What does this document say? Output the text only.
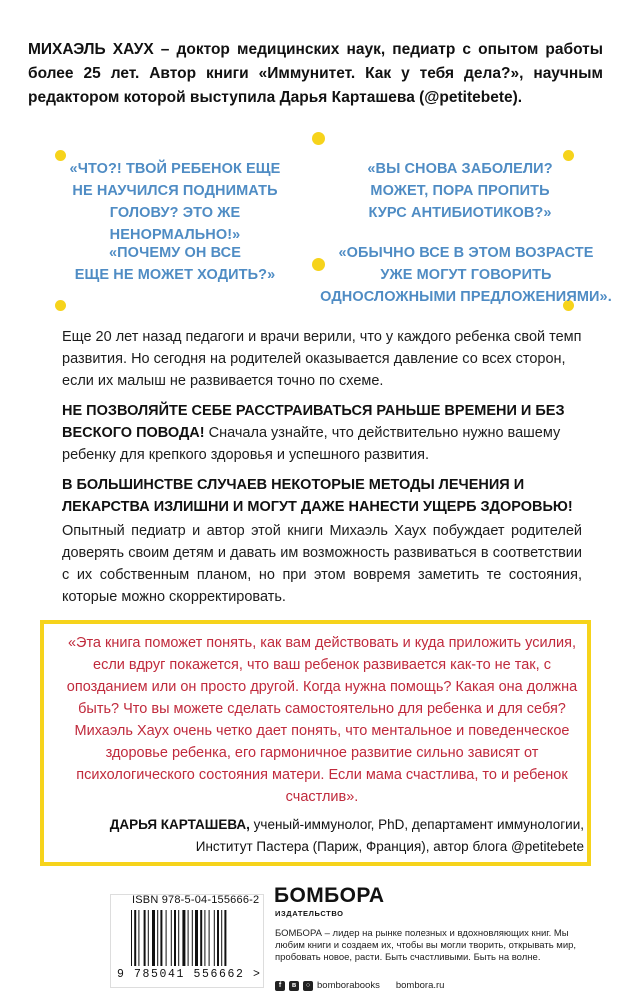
МИХАЭЛЬ ХАУХ – доктор медицинских наук, педиатр с опытом работы более 25 лет. Автор книги «Иммунитет. Как у тебя дела?», научным редактором которой выступила Дарья Карташева (@petitebete).
«ЧТО?! ТВОЙ РЕБЕНОК ЕЩЕ
НЕ НАУЧИЛСЯ ПОДНИМАТЬ
ГОЛОВУ? ЭТО ЖЕ НЕНОРМАЛЬНО!»
«ВЫ СНОВА ЗАБОЛЕЛИ?
МОЖЕТ, ПОРА ПРОПИТЬ
КУРС АНТИБИОТИКОВ?»
«ПОЧЕМУ ОН ВСЕ
ЕЩЕ НЕ МОЖЕТ ХОДИТЬ?»
«ОБЫЧНО ВСЕ В ЭТОМ ВОЗРАСТЕ
УЖЕ МОГУТ ГОВОРИТЬ
ОДНОСЛОЖНЫМИ ПРЕДЛОЖЕНИЯМИ».
Еще 20 лет назад педагоги и врачи верили, что у каждого ребенка свой темп развития. Но сегодня на родителей оказывается давление со всех сторон, если их малыш не развивается точно по схеме.
НЕ ПОЗВОЛЯЙТЕ СЕБЕ РАССТРАИВАТЬСЯ РАНЬШЕ ВРЕМЕНИ И БЕЗ ВЕСКОГО ПОВОДА! Сначала узнайте, что действительно нужно вашему ребенку для крепкого здоровья и успешного развития.
В БОЛЬШИНСТВЕ СЛУЧАЕВ НЕКОТОРЫЕ МЕТОДЫ ЛЕЧЕНИЯ И ЛЕКАРСТВА ИЗЛИШНИ И МОГУТ ДАЖЕ НАНЕСТИ УЩЕРБ ЗДОРОВЬЮ!
Опытный педиатр и автор этой книги Михаэль Хаух побуждает родителей доверять своим детям и давать им возможность развиваться в соответствии с их собственным планом, но при этом вовремя заметить те состояния, которые можно скорректировать.
«Эта книга поможет понять, как вам действовать и куда приложить усилия, если вдруг покажется, что ваш ребенок развивается как-то не так, с опозданием или он просто другой. Когда нужна помощь? Какая она должна быть? Что вы можете сделать самостоятельно для ребенка и для себя? Михаэль Хаух очень четко дает понять, что ментальное и поведенческое здоровье ребенка, его гармоничное развитие сильно зависят от психологического состояния матери. Если мама счастлива, то и ребенок счастлив».
ДАРЬЯ КАРТАШЕВА, ученый-иммунолог, PhD, департамент иммунологии,
Институт Пастера (Париж, Франция), автор блога @petitebete
ISBN 978-5-04-155666-2
9 785041 556662 >
БОМБОРА
ИЗДАТЕЛЬСТВО
БОМБОРА – лидер на рынке полезных и вдохновляющих книг. Мы любим книги и создаем их, чтобы вы могли творить, открывать мир, пробовать новое, расти. Быть счастливыми. Быть на волне.
f	в	○ bomborabooks bombora.ru
